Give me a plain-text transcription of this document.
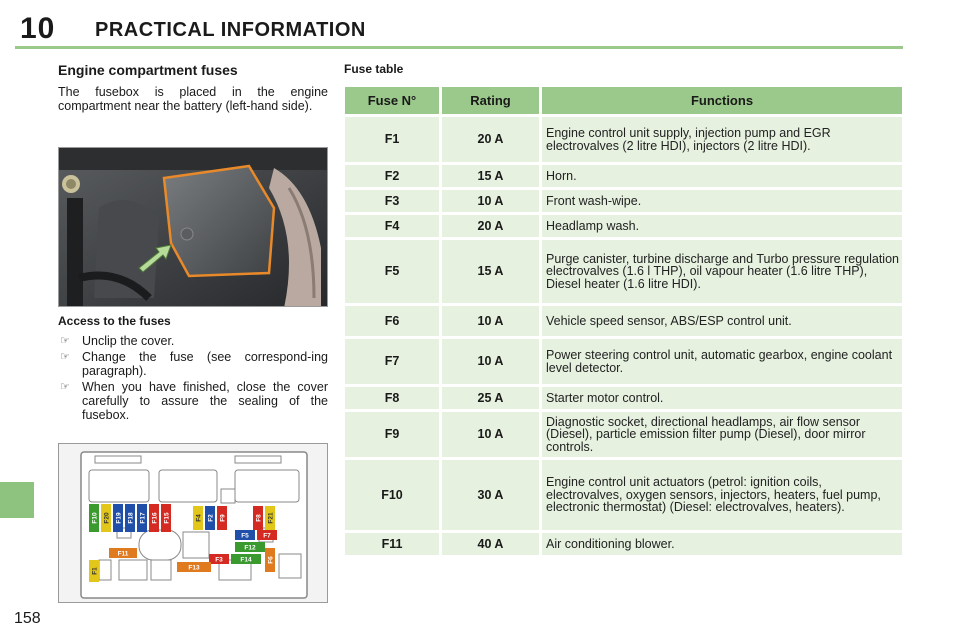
10 PRACTICAL INFORMATION
158
Engine compartment fuses

The fusebox is placed in the engine compartment near the battery (left-hand side).

Access to the fuses
☞ Unclip the cover.
☞ Change the fuse (see correspond-ing paragraph).
☞ When you have finished, close the cover carefully to assure the sealing of the fusebox.
F10 F20 F19 F18 F17 F16 F15	F4 F2 F9	F8 F21
F5 F7
F12
F11
F3	F14
F13
F6
F1
Fuse table
Fuse N°	Rating	Functions
F1	20 A	Engine control unit supply, injection pump and EGR electrovalves (2 litre HDI), injectors (2 litre HDI).
F2	15 A	Horn.
F3	10 A	Front wash-wipe.
F4	20 A	Headlamp wash.
F5	15 A	Purge canister, turbine discharge and Turbo pressure regulation electrovalves (1.6 l THP), oil vapour heater (1.6 litre THP), Diesel heater (1.6 litre HDI).
F6	10 A	Vehicle speed sensor, ABS/ESP control unit.
F7	10 A	Power steering control unit, automatic gearbox, engine coolant level detector.
F8	25 A	Starter motor control.
F9	10 A	Diagnostic socket, directional headlamps, air flow sensor (Diesel), particle emission filter pump (Diesel), door mirror controls.
F10	30 A	Engine control unit actuators (petrol: ignition coils, electrovalves, oxygen sensors, injectors, heaters, fuel pump, electronic thermostat) (Diesel: electrovalves, heaters).
F11	40 A	Air conditioning blower.
